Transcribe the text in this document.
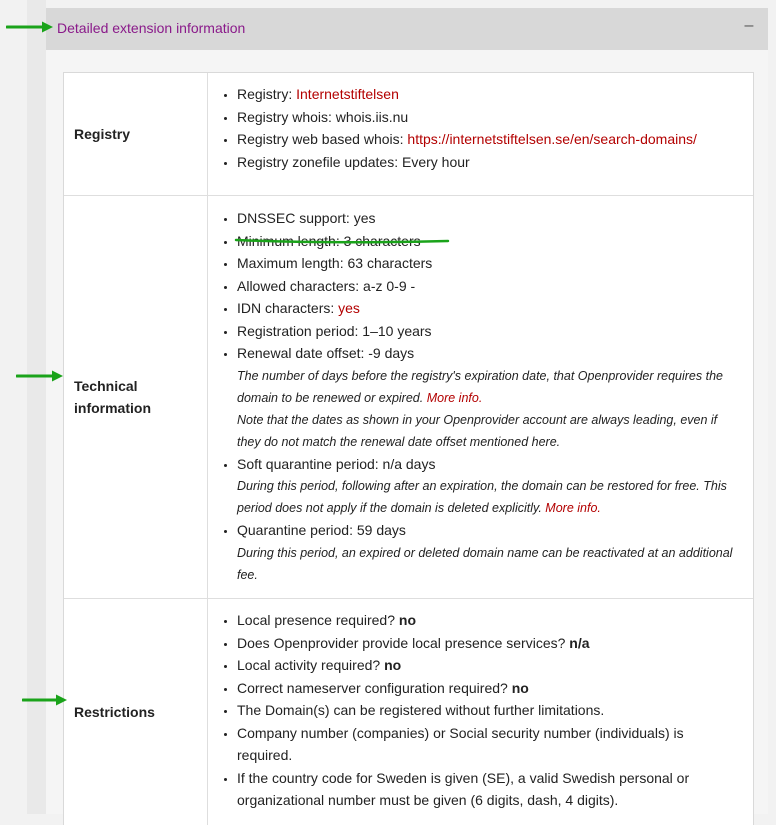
Detailed extension information	–
Registry
• Registry: Internetstiftelsen
• Registry whois: whois.iis.nu
• Registry web based whois: https://internetstiftelsen.se/en/search-domains/
• Registry zonefile updates: Every hour
Technical information
• DNSSEC support: yes
• Minimum length: 3 characters
• Maximum length: 63 characters
• Allowed characters: a-z 0-9 -
• IDN characters: yes
• Registration period: 1–10 years
• Renewal date offset: -9 days

The number of days before the registry's expiration date, that Openprovider requires the domain to be renewed or expired. More info.

Note that the dates as shown in your Openprovider account are always leading, even if they do not match the renewal date offset mentioned here.

• Soft quarantine period: n/a days

During this period, following after an expiration, the domain can be restored for free. This period does not apply if the domain is deleted explicitly. More info.

• Quarantine period: 59 days

During this period, an expired or deleted domain name can be reactivated at an additional fee.

Restrictions
• Local presence required? no
• Does Openprovider provide local presence services? n/a
• Local activity required? no
• Correct nameserver configuration required? no
• The Domain(s) can be registered without further limitations.
• Company number (companies) or Social security number (individuals) is required.
• If the country code for Sweden is given (SE), a valid Swedish personal or organizational number must be given (6 digits, dash, 4 digits).
